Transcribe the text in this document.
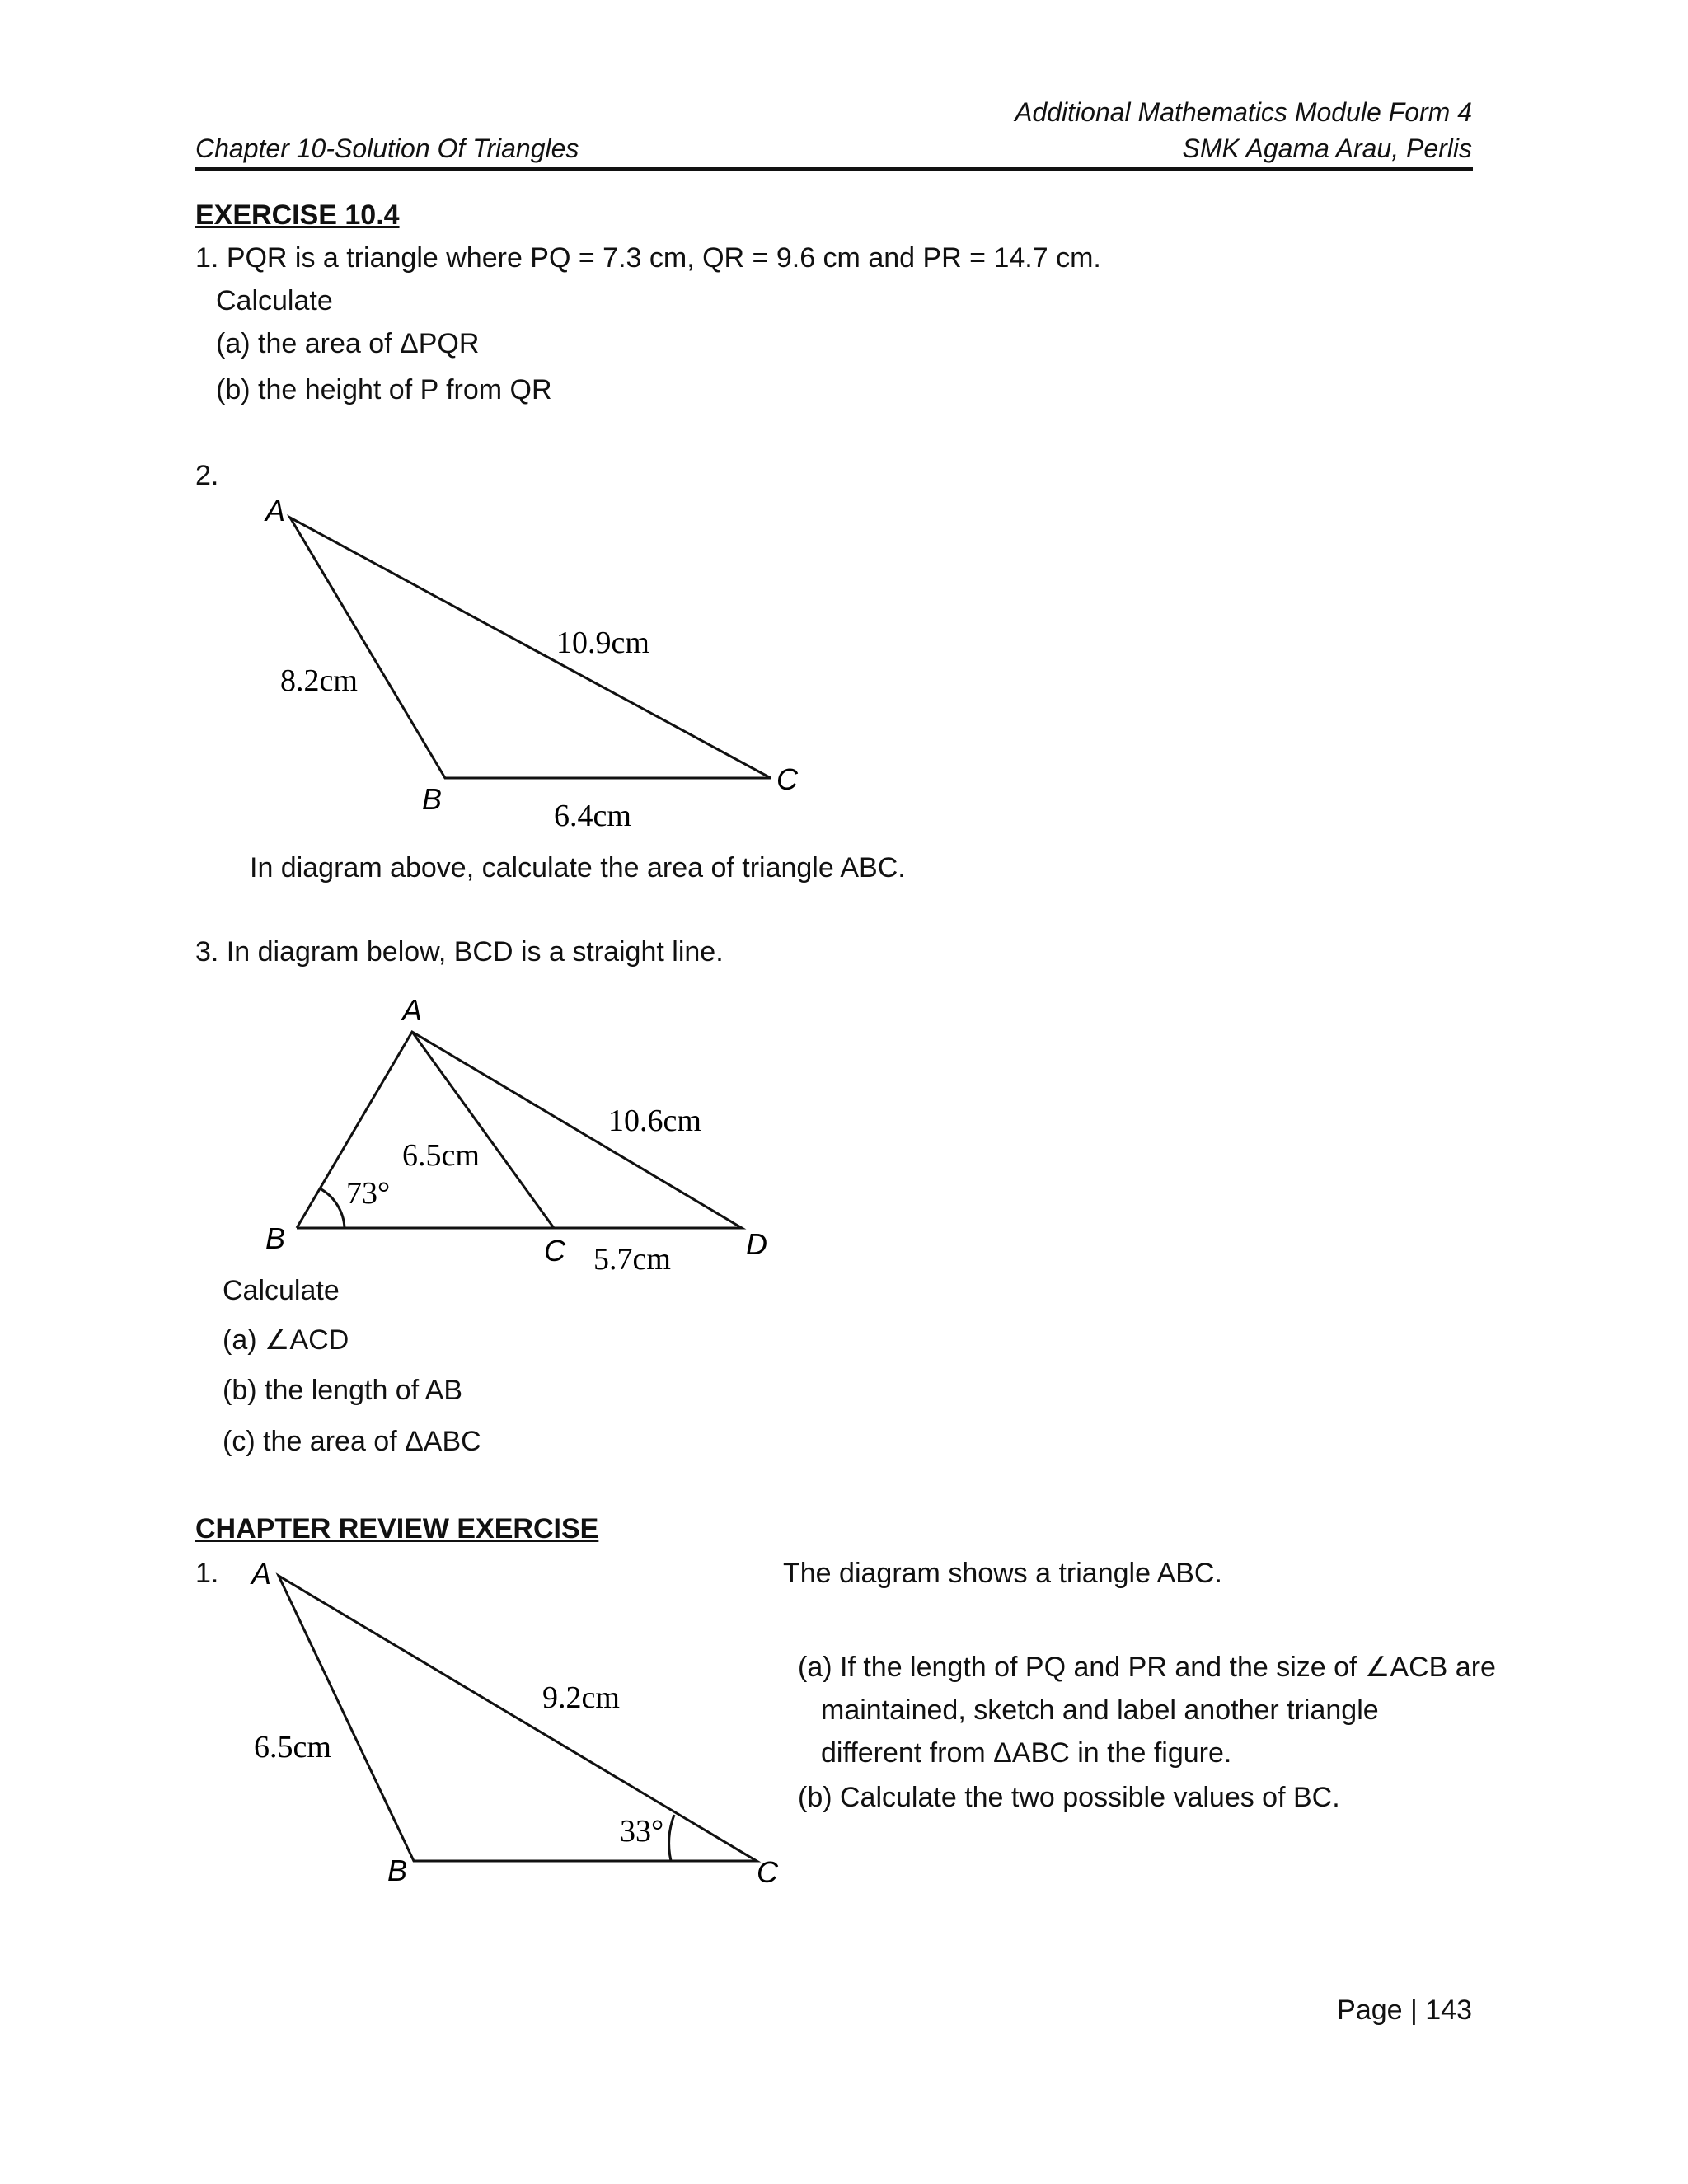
Additional Mathematics Module Form 4
Chapter 10-Solution Of Triangles	SMK Agama Arau, Perlis
EXERCISE 10.4
1. PQR is a triangle where PQ = 7.3 cm, QR = 9.6 cm and PR = 14.7 cm.
Calculate
(a) the area of ΔPQR
(b) the height of P from QR
2.
A
B
C
8.2cm
10.9cm
6.4cm
A
B	C	D
6.5cm
10.6cm
5.7cm
73°
A
B	C
6.5cm
9.2cm
33°
In diagram above, calculate the area of triangle ABC.
3. In diagram below, BCD is a straight line.
Calculate
(a) ∠ACD
(b) the length of AB
(c) the area of ΔABC
CHAPTER REVIEW EXERCISE
1.	The diagram shows a triangle ABC.
(a) If the length of PQ and PR and the size of ∠ACB are
maintained, sketch and label another triangle
different from ΔABC in the figure.
(b) Calculate the two possible values of BC.
Page | 143
